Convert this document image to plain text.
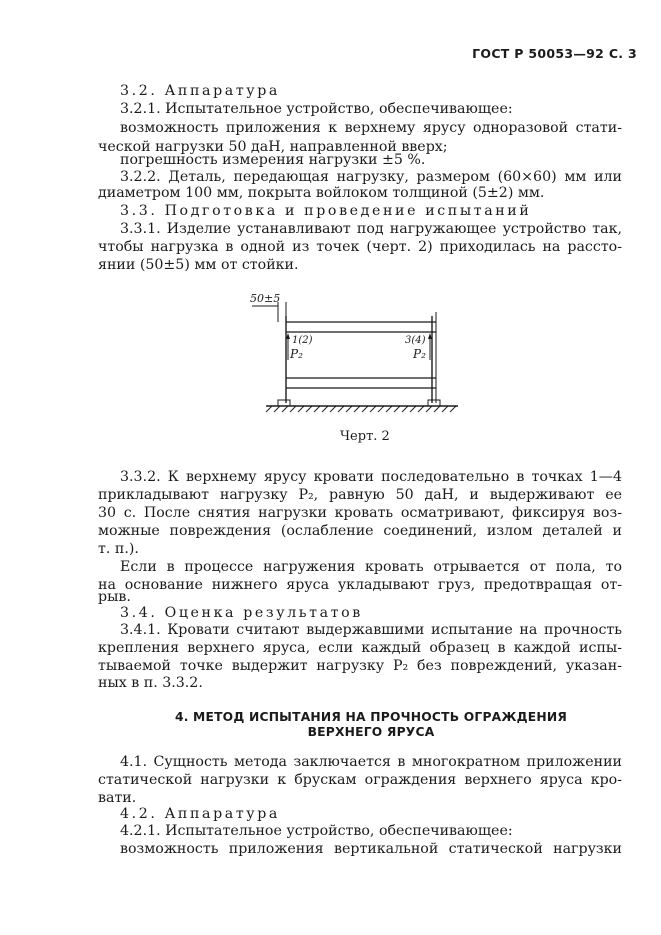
ГОСТ Р 50053—92 С. 3
3.2. Аппаратура
3.2.1. Испытательное устройство, обеспечивающее:
возможность приложения к верхнему ярусу одноразовой стати-
ческой нагрузки 50 даН, направленной вверх;
погрешность измерения нагрузки ±5 %.
3.2.2. Деталь, передающая нагрузку, размером (60×60) мм или
диаметром 100 мм, покрыта войлоком толщиной (5±2) мм.
3.3. Подготовка и проведение испытаний
3.3.1. Изделие устанавливают под нагружающее устройство так,
чтобы нагрузка в одной из точек (черт. 2) приходилась на рассто-
янии (50±5) мм от стойки.
50±5
1(2)	3(4)
P₂	P₂
Черт. 2
3.3.2. К верхнему ярусу кровати последовательно в точках 1—4
прикладывают нагрузку P₂, равную 50 даН, и выдерживают ее
30 с. После снятия нагрузки кровать осматривают, фиксируя воз-
можные повреждения (ослабление соединений, излом деталей и
т. п.).
Если в процессе нагружения кровать отрывается от пола, то
на основание нижнего яруса укладывают груз, предотвращая от-
рыв.
3.4. Оценка результатов
3.4.1. Кровати считают выдержавшими испытание на прочность
крепления верхнего яруса, если каждый образец в каждой испы-
тываемой точке выдержит нагрузку P₂ без повреждений, указан-
ных в п. 3.3.2.
4. МЕТОД ИСПЫТАНИЯ НА ПРОЧНОСТЬ ОГРАЖДЕНИЯ
ВЕРХНЕГО ЯРУСА
4.1. Сущность метода заключается в многократном приложении
статической нагрузки к брускам ограждения верхнего яруса кро-
вати.
4.2. Аппаратура
4.2.1. Испытательное устройство, обеспечивающее:
возможность приложения вертикальной статической нагрузки
